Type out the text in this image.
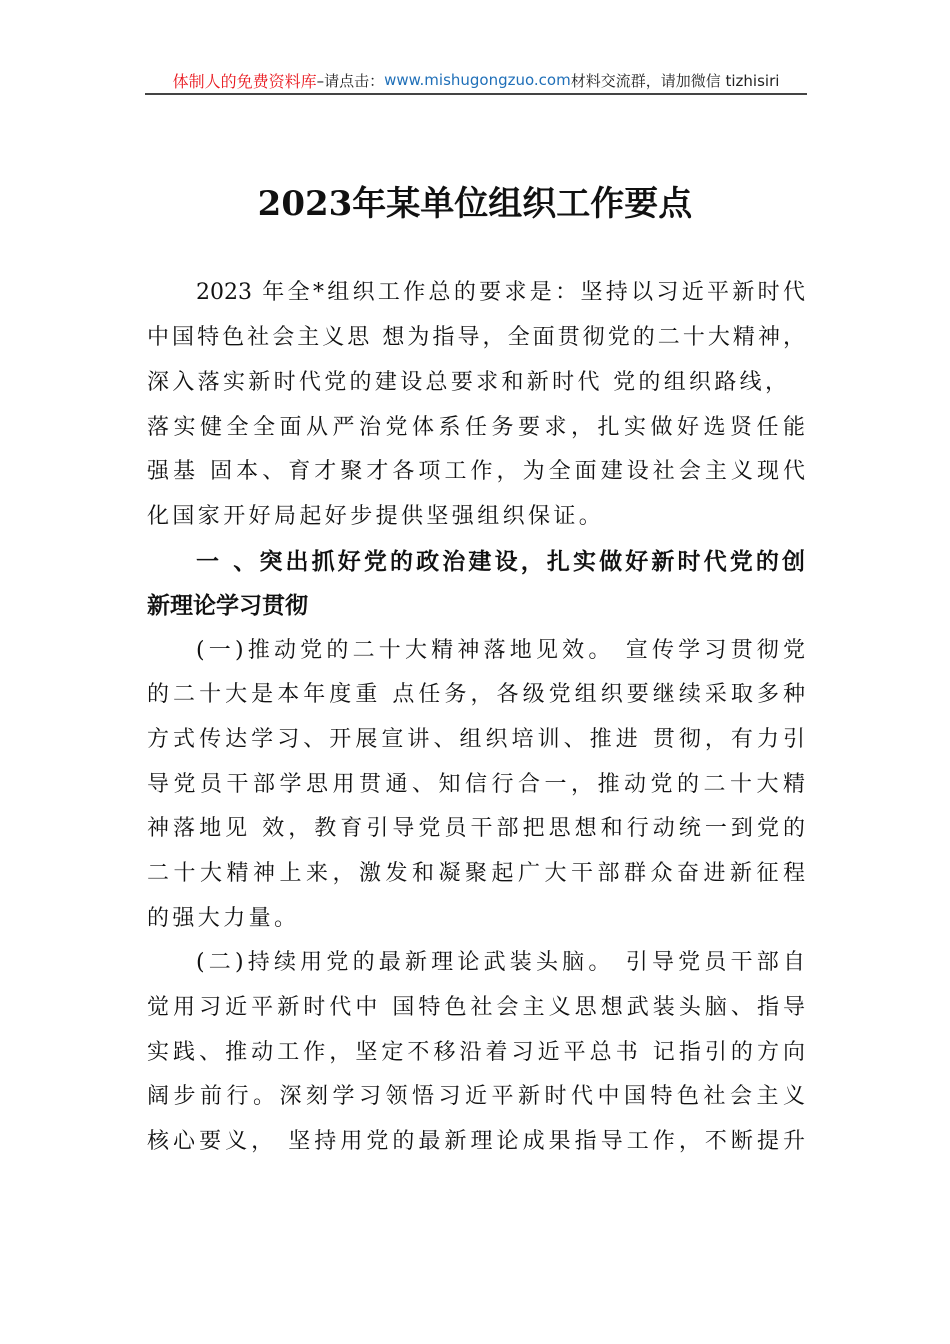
体制人的免费资料库 –请点击： www.mishugongzuo.com 材料交流群，请加微信 tizhisiri
2023年某单位组织工作要点
2023 年全*组织工作总的要求是：坚持以习近平新时代
中国特色社会主义思 想为指导，全面贯彻党的二十大精神，
深入落实新时代党的建设总要求和新时代 党的组织路线，
落实健全全面从严治党体系任务要求，扎实做好选贤任能
强基 固本、育才聚才各项工作，为全面建设社会主义现代
化国家开好局起好步提供坚强组织保证。
一 、突出抓好党的政治建设，扎实做好新时代党的创
新理论学习贯彻
(一)推动党的二十大精神落地见效。 宣传学习贯彻党
的二十大是本年度重 点任务，各级党组织要继续采取多种
方式传达学习、开展宣讲、组织培训、推进 贯彻，有力引
导党员干部学思用贯通、知信行合一，推动党的二十大精
神落地见 效，教育引导党员干部把思想和行动统一到党的
二十大精神上来，激发和凝聚起广大干部群众奋进新征程
的强大力量。
(二)持续用党的最新理论武装头脑。 引导党员干部自
觉用习近平新时代中 国特色社会主义思想武装头脑、指导
实践、推动工作，坚定不移沿着习近平总书 记指引的方向
阔步前行。深刻学习领悟习近平新时代中国特色社会主义
核心要义， 坚持用党的最新理论成果指导工作，不断提升
